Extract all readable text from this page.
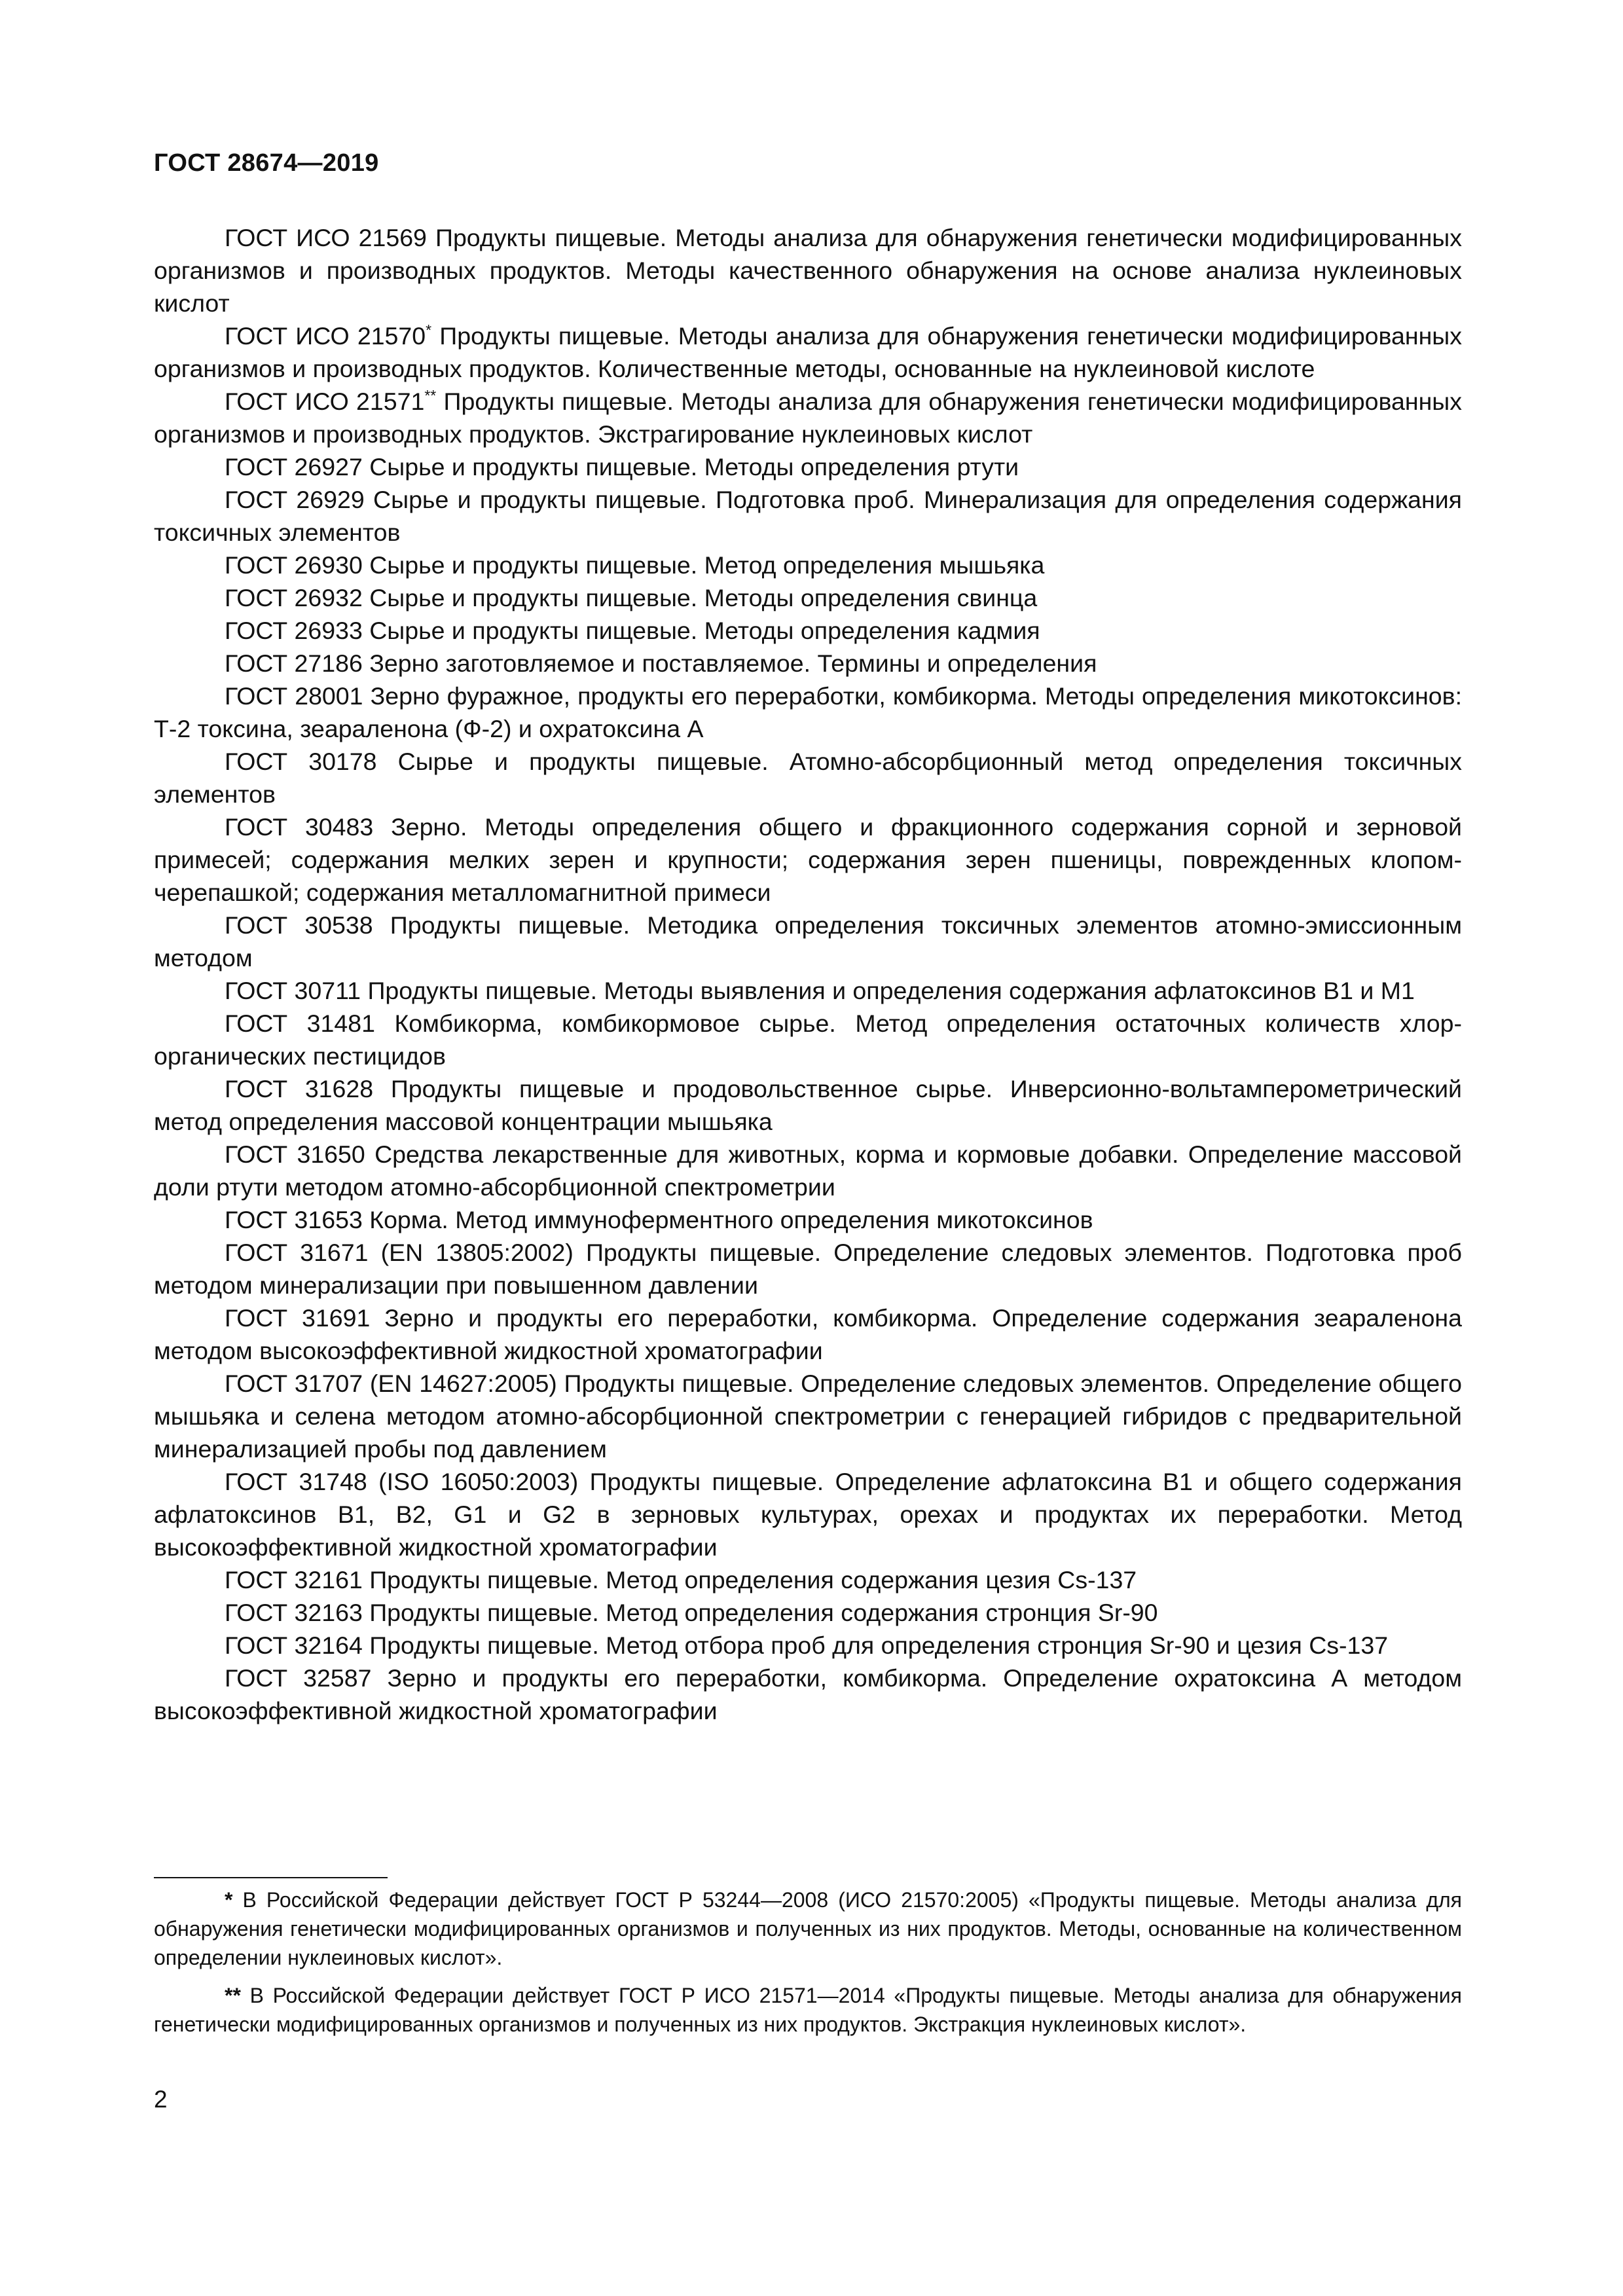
ГОСТ 28674—2019

ГОСТ ИСО 21569 Продукты пищевые. Методы анализа для обнаружения генетически модифицированных организмов и производных продуктов. Методы качественного обнаружения на основе анализа нуклеиновых кислот

ГОСТ ИСО 21570* Продукты пищевые. Методы анализа для обнаружения генетически модифицированных организмов и производных продуктов. Количественные методы, основанные на нуклеиновой кислоте

ГОСТ ИСО 21571** Продукты пищевые. Методы анализа для обнаружения генетически модифицированных организмов и производных продуктов. Экстрагирование нуклеиновых кислот

ГОСТ 26927 Сырье и продукты пищевые. Методы определения ртути

ГОСТ 26929 Сырье и продукты пищевые. Подготовка проб. Минерализация для определения содержания токсичных элементов

ГОСТ 26930 Сырье и продукты пищевые. Метод определения мышьяка

ГОСТ 26932 Сырье и продукты пищевые. Методы определения свинца

ГОСТ 26933 Сырье и продукты пищевые. Методы определения кадмия

ГОСТ 27186 Зерно заготовляемое и поставляемое. Термины и определения

ГОСТ 28001 Зерно фуражное, продукты его переработки, комбикорма. Методы определения микотоксинов: Т-2 токсина, зеараленона (Ф-2) и охратоксина А

ГОСТ 30178 Сырье и продукты пищевые. Атомно-абсорбционный метод определения токсичных элементов

ГОСТ 30483 Зерно. Методы определения общего и фракционного содержания сорной и зерновой примесей; содержания мелких зерен и крупности; содержания зерен пшеницы, поврежденных клопом-черепашкой; содержания металломагнитной примеси

ГОСТ 30538 Продукты пищевые. Методика определения токсичных элементов атомно-эмиссионным методом

ГОСТ 30711 Продукты пищевые. Методы выявления и определения содержания афлатоксинов В1 и М1

ГОСТ 31481 Комбикорма, комбикормовое сырье. Метод определения остаточных количеств хлорорганических пестицидов

ГОСТ 31628 Продукты пищевые и продовольственное сырье. Инверсионно-вольтамперометрический метод определения массовой концентрации мышьяка

ГОСТ 31650 Средства лекарственные для животных, корма и кормовые добавки. Определение массовой доли ртути методом атомно-абсорбционной спектрометрии

ГОСТ 31653 Корма. Метод иммуноферментного определения микотоксинов

ГОСТ 31671 (EN 13805:2002) Продукты пищевые. Определение следовых элементов. Подготовка проб методом минерализации при повышенном давлении

ГОСТ 31691 Зерно и продукты его переработки, комбикорма. Определение содержания зеараленона методом высокоэффективной жидкостной хроматографии

ГОСТ 31707 (EN 14627:2005) Продукты пищевые. Определение следовых элементов. Определение общего мышьяка и селена методом атомно-абсорбционной спектрометрии с генерацией гибридов с предварительной минерализацией пробы под давлением

ГОСТ 31748 (ISO 16050:2003) Продукты пищевые. Определение афлатоксина В1 и общего содержания афлатоксинов В1, В2, G1 и G2 в зерновых культурах, орехах и продуктах их переработки. Метод высокоэффективной жидкостной хроматографии

ГОСТ 32161 Продукты пищевые. Метод определения содержания цезия Cs-137

ГОСТ 32163 Продукты пищевые. Метод определения содержания стронция Sr-90

ГОСТ 32164 Продукты пищевые. Метод отбора проб для определения стронция Sr-90 и цезия Cs-137

ГОСТ 32587 Зерно и продукты его переработки, комбикорма. Определение охратоксина А методом высокоэффективной жидкостной хроматографии

* В Российской Федерации действует ГОСТ Р 53244—2008 (ИСО 21570:2005) «Продукты пищевые. Методы анализа для обнаружения генетически модифицированных организмов и полученных из них продуктов. Методы, основанные на количественном определении нуклеиновых кислот».

** В Российской Федерации действует ГОСТ Р ИСО 21571—2014 «Продукты пищевые. Методы анализа для обнаружения генетически модифицированных организмов и полученных из них продуктов. Экстракция нуклеиновых кислот».

2
